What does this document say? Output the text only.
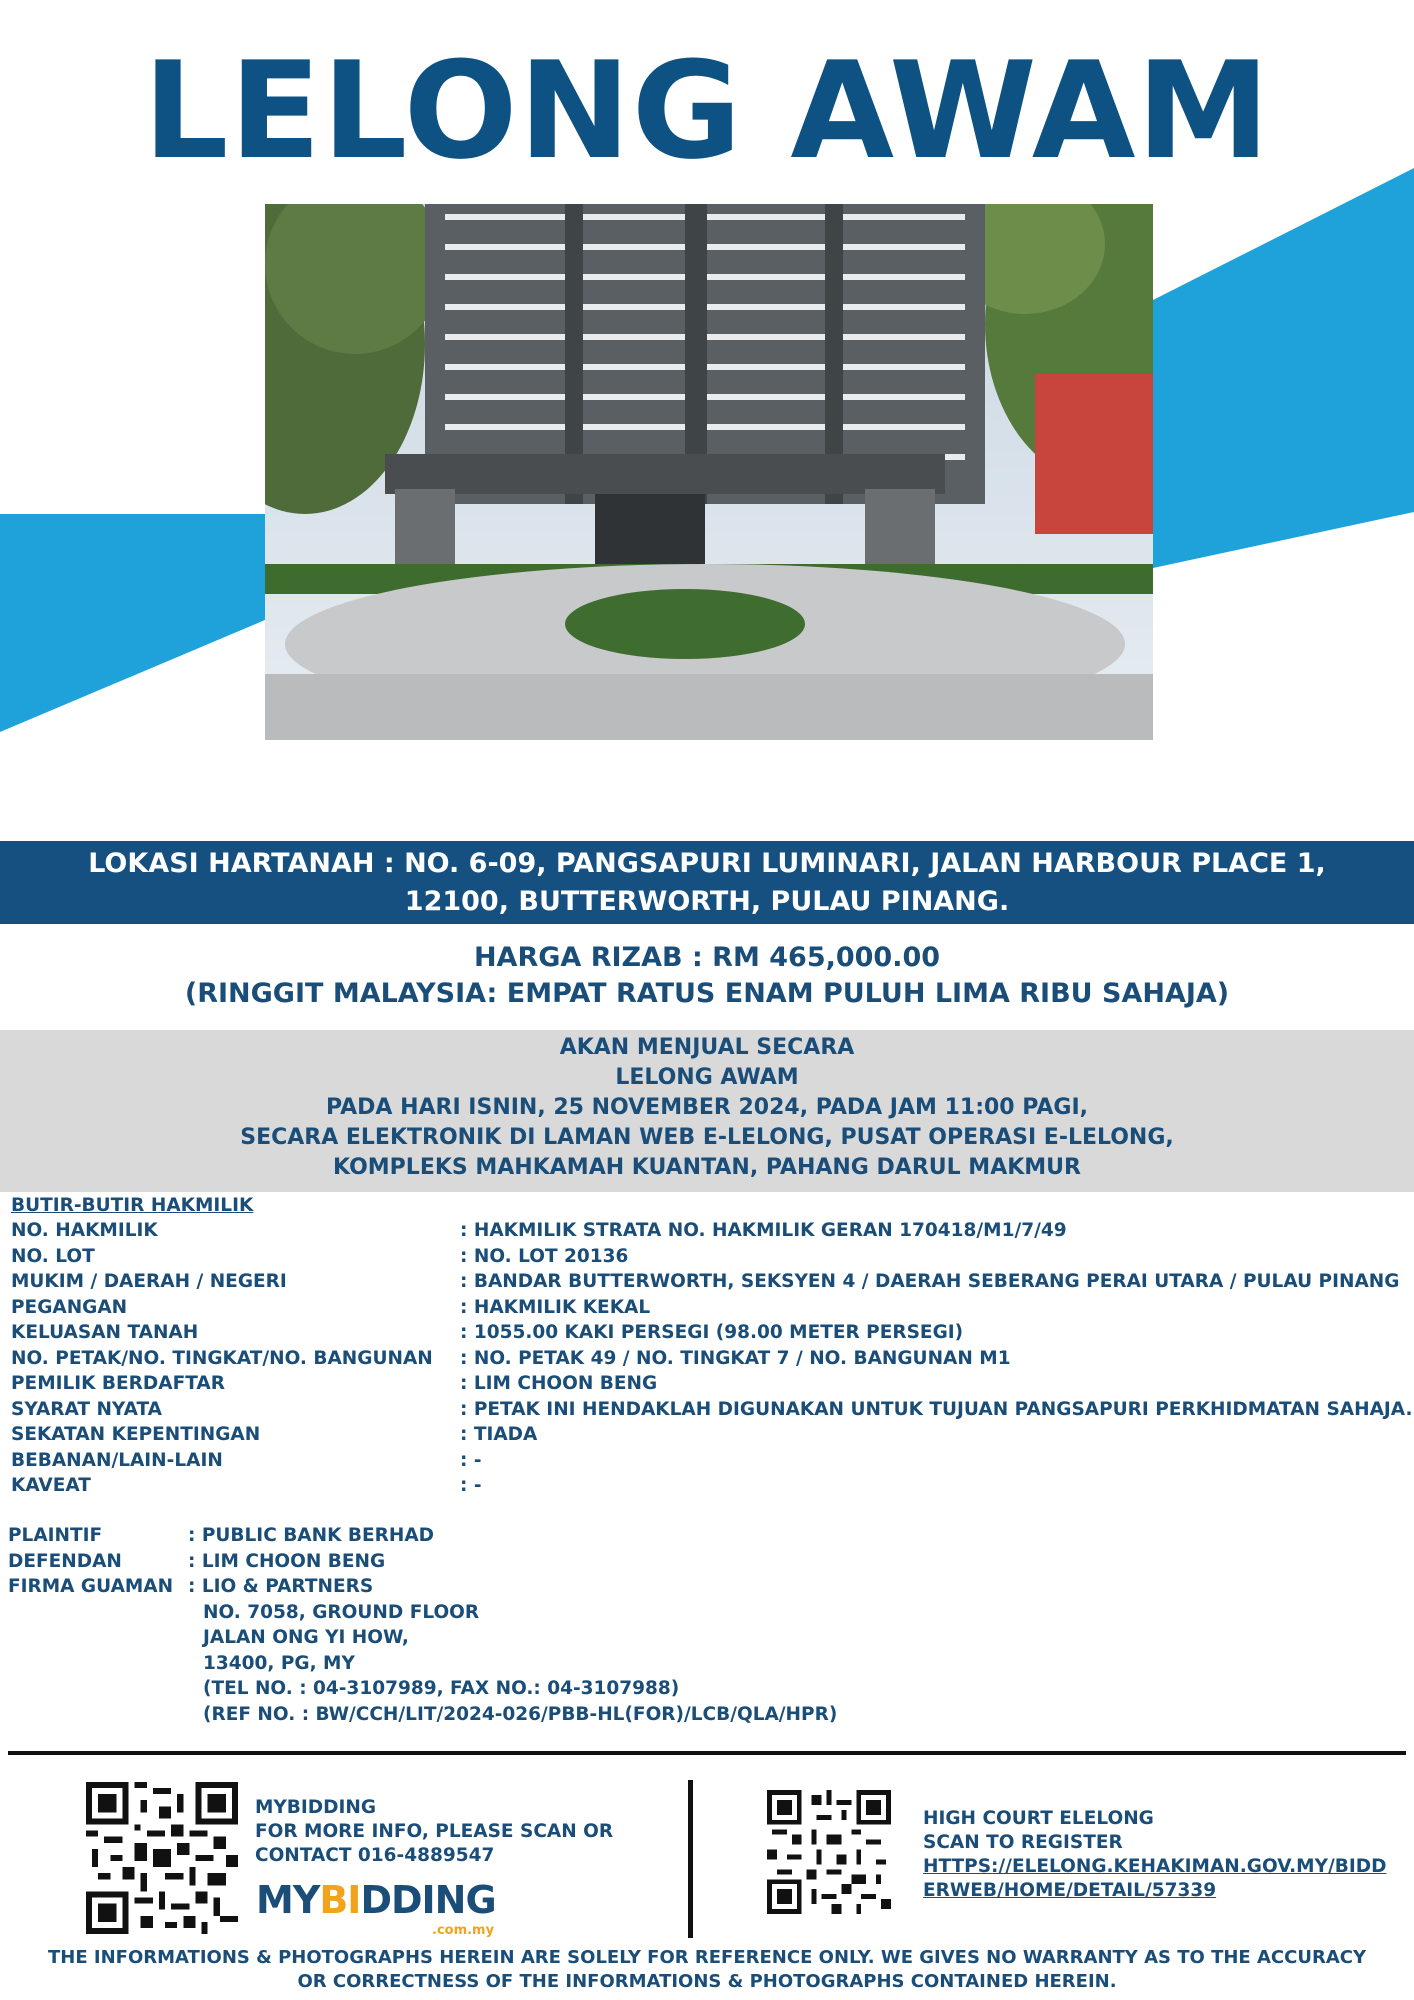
LELONG AWAM
LOKASI HARTANAH : NO. 6-09, PANGSAPURI LUMINARI, JALAN HARBOUR PLACE 1,
12100, BUTTERWORTH, PULAU PINANG.
HARGA RIZAB : RM 465,000.00
(RINGGIT MALAYSIA: EMPAT RATUS ENAM PULUH LIMA RIBU SAHAJA)
AKAN MENJUAL SECARA
LELONG AWAM
PADA HARI ISNIN, 25 NOVEMBER 2024, PADA JAM 11:00 PAGI,
SECARA ELEKTRONIK DI LAMAN WEB E-LELONG, PUSAT OPERASI E-LELONG,
KOMPLEKS MAHKAMAH KUANTAN, PAHANG DARUL MAKMUR
BUTIR-BUTIR HAKMILIK
NO. HAKMILIK	: HAKMILIK STRATA NO. HAKMILIK GERAN 170418/M1/7/49
NO. LOT	: NO. LOT 20136
MUKIM / DAERAH / NEGERI	: BANDAR BUTTERWORTH, SEKSYEN 4 / DAERAH SEBERANG PERAI UTARA / PULAU PINANG
PEGANGAN	: HAKMILIK KEKAL
KELUASAN TANAH	: 1055.00 KAKI PERSEGI (98.00 METER PERSEGI)
NO. PETAK/NO. TINGKAT/NO. BANGUNAN : NO. PETAK 49 / NO. TINGKAT 7 / NO. BANGUNAN M1
PEMILIK BERDAFTAR	: LIM CHOON BENG
SYARAT NYATA	: PETAK INI HENDAKLAH DIGUNAKAN UNTUK TUJUAN PANGSAPURI PERKHIDMATAN SAHAJA.
SEKATAN KEPENTINGAN	: TIADA
BEBANAN/LAIN-LAIN	: -
KAVEAT	: -
PLAINTIF	: PUBLIC BANK BERHAD
DEFENDAN	: LIM CHOON BENG
FIRMA GUAMAN : LIO & PARTNERS
NO. 7058, GROUND FLOOR
JALAN ONG YI HOW,
13400, PG, MY
(TEL NO. : 04-3107989, FAX NO.: 04-3107988)
(REF NO. : BW/CCH/LIT/2024-026/PBB-HL(FOR)/LCB/QLA/HPR)
MYBIDDING
FOR MORE INFO, PLEASE SCAN OR
CONTACT 016-4889547
MYBIDDING
.com.my
HIGH COURT ELELONG
SCAN TO REGISTER
HTTPS://ELELONG.KEHAKIMAN.GOV.MY/BIDD
ERWEB/HOME/DETAIL/57339
THE INFORMATIONS & PHOTOGRAPHS HEREIN ARE SOLELY FOR REFERENCE ONLY. WE GIVES NO WARRANTY AS TO THE ACCURACY OR CORRECTNESS OF THE INFORMATIONS & PHOTOGRAPHS CONTAINED HEREIN.
